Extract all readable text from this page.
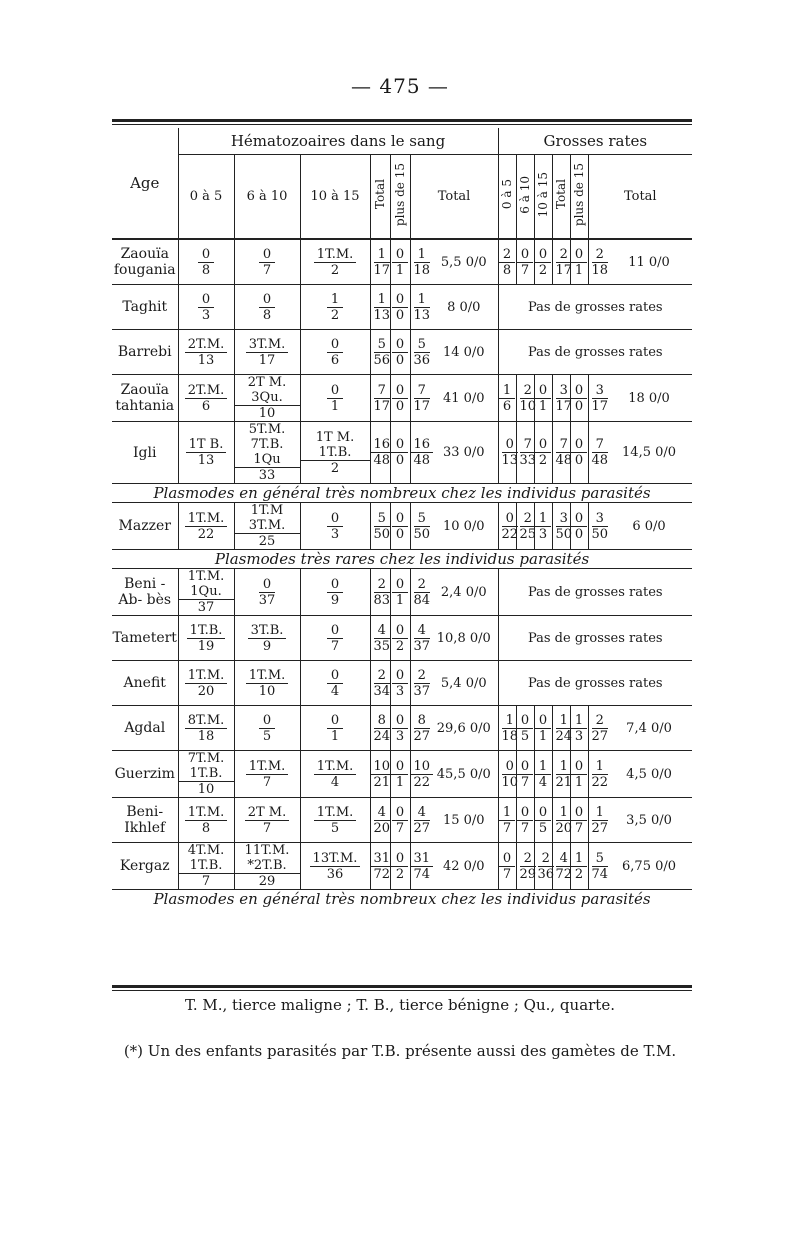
— 475 —
Age	Hématozoaires dans le sang							Grosses rates						
	0 à 5	6 à 10	10 à 15	Total	plus de 15	Total		0 à 5	6 à 10	10 à 15	Total	plus de 15	Total	
Zaouïa fougania	$\frac{0}{8}$	$\frac{0}{7}$	$\frac{1T.M.}{2}$	$\frac{1}{17}$	$\frac{0}{1}$	$\frac{1}{18}$	5,5 0/0	$\frac{2}{8}$	$\frac{0}{7}$	$\frac{0}{2}$	$\frac{2}{17}$	$\frac{0}{1}$	$\frac{2}{18}$	11 0/0
Taghit	$\frac{0}{3}$	$\frac{0}{8}$	$\frac{1}{2}$	$\frac{1}{13}$	$\frac{0}{0}$	$\frac{1}{13}$	8 0/0	Pas de grosses rates						
Barrebi	$\frac{2T.M.}{13}$	$\frac{3T.M.}{17}$	$\frac{0}{6}$	$\frac{5}{56}$	$\frac{0}{0}$	$\frac{5}{36}$	14 0/0	Pas de grosses rates						
Zaouïa tahtania	$\frac{2T.M.}{6}$	$\frac{\text{2T M. 3Qu.}}{10}$	$\frac{0}{1}$	$\frac{7}{17}$	$\frac{0}{0}$	$\frac{7}{17}$	41 0/0	$\frac{1}{6}$	$\frac{2}{10}$	$\frac{0}{1}$	$\frac{3}{17}$	$\frac{0}{0}$	$\frac{3}{17}$	18 0/0
Igli	$\frac{\text{1T B.}}{13}$	$\frac{5T.M. 7T.B. 1Qu}{33}$	$\frac{\text{1T M. 1T.B.}}{2}$	$\frac{16}{48}$	$\frac{0}{0}$	$\frac{16}{48}$	33 0/0	$\frac{0}{13}$	$\frac{7}{33}$	$\frac{0}{2}$	$\frac{7}{48}$	$\frac{0}{0}$	$\frac{7}{48}$	14,5 0/0
Plasmodes en général très nombreux chez les individus parasités														
Mazzer	$\frac{1T.M.}{22}$	$\frac{1T.M 3T.M.}{25}$	$\frac{0}{3}$	$\frac{5}{50}$	$\frac{0}{0}$	$\frac{5}{50}$	10 0/0	$\frac{0}{22}$	$\frac{2}{25}$	$\frac{1}{3}$	$\frac{3}{50}$	$\frac{0}{0}$	$\frac{3}{50}$	6 0/0
Plasmodes très rares chez les individus parasités														
Beni - Ab- bès	$\frac{1T.M. 1Qu.}{37}$	$\frac{0}{37}$	$\frac{0}{9}$	$\frac{2}{83}$	$\frac{0}{1}$	$\frac{2}{84}$	2,4 0/0	Pas de grosses rates						
Tametert	$\frac{1T.B.}{19}$	$\frac{3T.B.}{9}$	$\frac{0}{7}$	$\frac{4}{35}$	$\frac{0}{2}$	$\frac{4}{37}$	10,8 0/0	Pas de grosses rates						
Anefit	$\frac{1T.M.}{20}$	$\frac{1T.M.}{10}$	$\frac{0}{4}$	$\frac{2}{34}$	$\frac{0}{3}$	$\frac{2}{37}$	5,4 0/0	Pas de grosses rates						
Agdal	$\frac{8T.M.}{18}$	$\frac{0}{5}$	$\frac{0}{1}$	$\frac{8}{24}$	$\frac{0}{3}$	$\frac{8}{27}$	29,6 0/0	$\frac{1}{18}$	$\frac{0}{5}$	$\frac{0}{1}$	$\frac{1}{24}$	$\frac{1}{3}$	$\frac{2}{27}$	7,4 0/0
Guerzim	$\frac{7T.M. 1T.B.}{10}$	$\frac{1T.M.}{7}$	$\frac{1T.M.}{4}$	$\frac{10}{21}$	$\frac{0}{1}$	$\frac{10}{22}$	45,5 0/0	$\frac{0}{10}$	$\frac{0}{7}$	$\frac{1}{4}$	$\frac{1}{21}$	$\frac{0}{1}$	$\frac{1}{22}$	4,5 0/0
Beni- Ikhlef	$\frac{1T.M.}{8}$	$\frac{\text{2T M.}}{7}$	$\frac{1T.M.}{5}$	$\frac{4}{20}$	$\frac{0}{7}$	$\frac{4}{27}$	15 0/0	$\frac{1}{7}$	$\frac{0}{7}$	$\frac{0}{5}$	$\frac{1}{20}$	$\frac{0}{7}$	$\frac{1}{27}$	3,5 0/0
Kergaz	$\frac{4T.M. 1T.B.}{7}$	$\frac{11T.M. *2T.B.}{29}$	$\frac{13T.M.}{36}$	$\frac{31}{72}$	$\frac{0}{2}$	$\frac{31}{74}$	42 0/0	$\frac{0}{7}$	$\frac{2}{29}$	$\frac{2}{36}$	$\frac{4}{72}$	$\frac{1}{2}$	$\frac{5}{74}$	6,75 0/0
Plasmodes en général très nombreux chez les individus parasités														
T. M., tierce maligne ; T. B., tierce bénigne ; Qu., quarte.
(*) Un des enfants parasités par T.B. présente aussi des gamètes de T.M.
